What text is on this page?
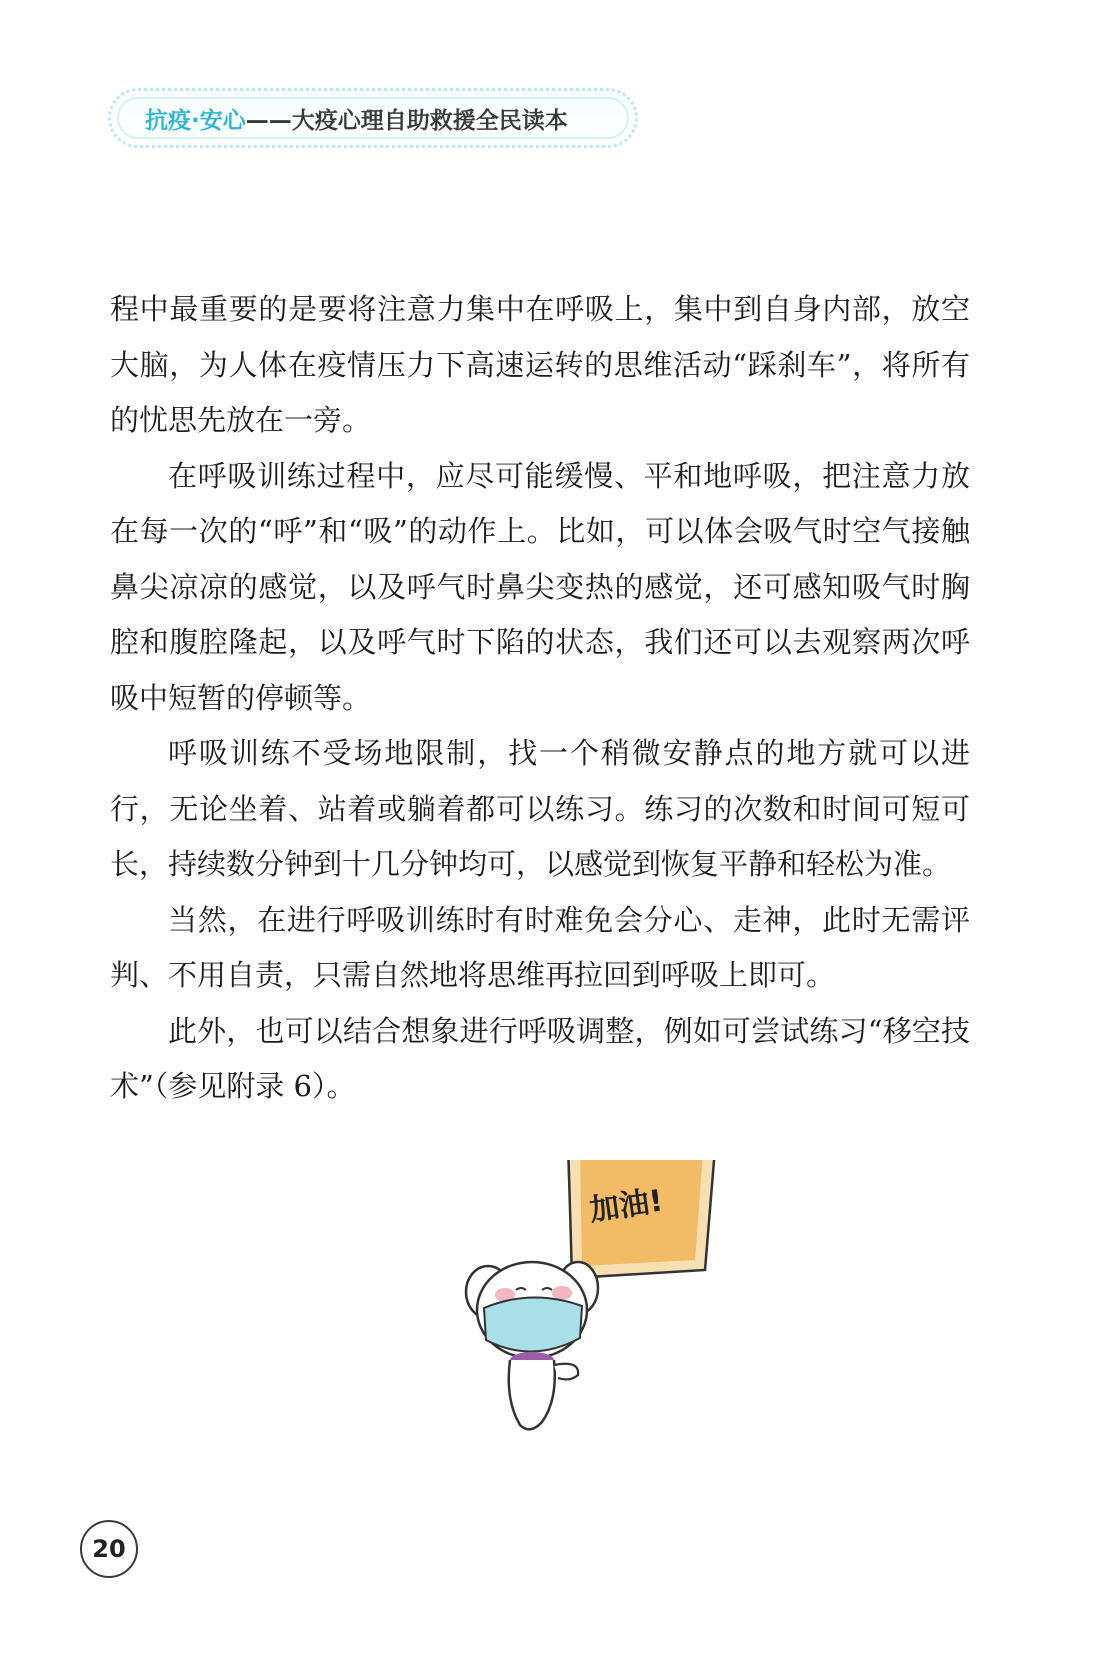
抗疫·安心 ——大疫心理自助救援全民读本

程中最重要的是要将注意力集中在呼吸上，集中到自身内部，放空大脑，为人体在疫情压力下高速运转的思维活动“踩刹车”，将所有的忧思先放在一旁。

在呼吸训练过程中，应尽可能缓慢、平和地呼吸，把注意力放在每一次的“呼”和“吸”的动作上。比如，可以体会吸气时空气接触鼻尖凉凉的感觉，以及呼气时鼻尖变热的感觉，还可感知吸气时胸腔和腹腔隆起，以及呼气时下陷的状态，我们还可以去观察两次呼吸中短暂的停顿等。

呼吸训练不受场地限制，找一个稍微安静点的地方就可以进行，无论坐着、站着或躺着都可以练习。练习的次数和时间可短可长，持续数分钟到十几分钟均可，以感觉到恢复平静和轻松为准。

当然，在进行呼吸训练时有时难免会分心、走神，此时无需评判、不用自责，只需自然地将思维再拉回到呼吸上即可。

此外，也可以结合想象进行呼吸调整，例如可尝试练习“移空技术”（参见附录 6）。

加油!
20
